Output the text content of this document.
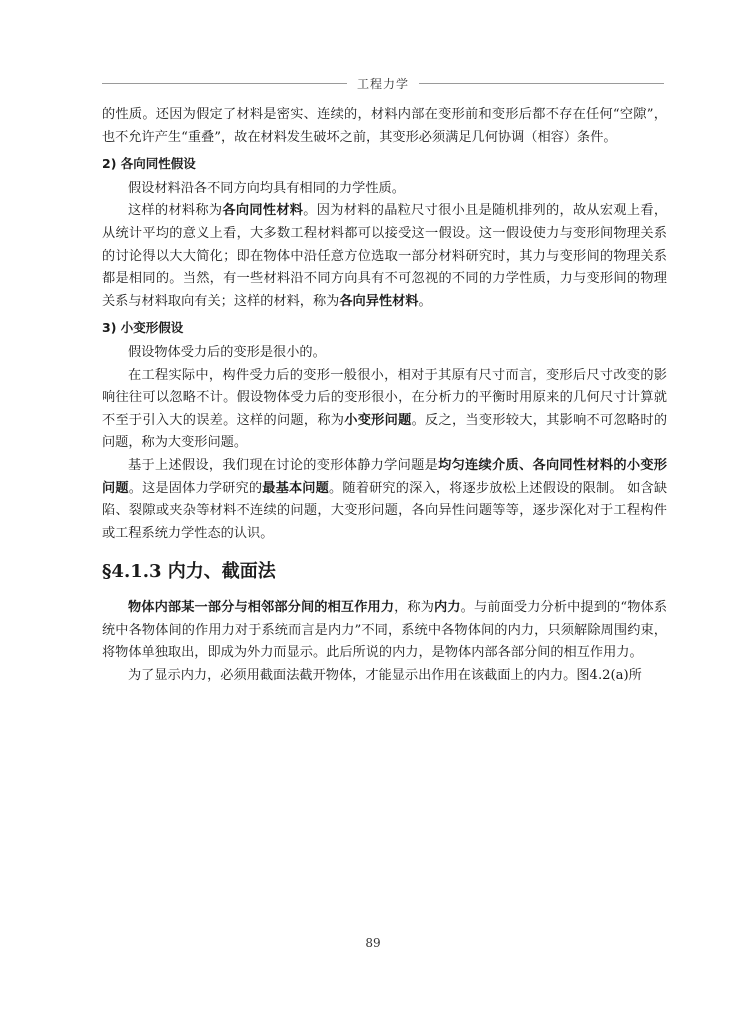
工程力学

的性质。还因为假定了材料是密实、连续的，材料内部在变形前和变形后都不存在任何“空隙”，也不允许产生“重叠”，故在材料发生破坏之前，其变形必须满足几何协调（相容）条件。

2) 各向同性假设

假设材料沿各不同方向均具有相同的力学性质。

这样的材料称为各向同性材料。因为材料的晶粒尺寸很小且是随机排列的，故从宏观上看，从统计平均的意义上看，大多数工程材料都可以接受这一假设。这一假设使力与变形间物理关系的讨论得以大大简化；即在物体中沿任意方位选取一部分材料研究时，其力与变形间的物理关系都是相同的。当然，有一些材料沿不同方向具有不可忽视的不同的力学性质，力与变形间的物理关系与材料取向有关；这样的材料，称为各向异性材料。

3) 小变形假设

假设物体受力后的变形是很小的。

在工程实际中，构件受力后的变形一般很小，相对于其原有尺寸而言，变形后尺寸改变的影响往往可以忽略不计。假设物体受力后的变形很小，在分析力的平衡时用原来的几何尺寸计算就不至于引入大的误差。这样的问题，称为小变形问题。反之，当变形较大，其影响不可忽略时的问题，称为大变形问题。

基于上述假设，我们现在讨论的变形体静力学问题是均匀连续介质、各向同性材料的小变形问题。这是固体力学研究的最基本问题。随着研究的深入，将逐步放松上述假设的限制。 如含缺陷、裂隙或夹杂等材料不连续的问题，大变形问题，各向异性问题等等，逐步深化对于工程构件或工程系统力学性态的认识。

§4.1.3 内力、截面法

物体内部某一部分与相邻部分间的相互作用力，称为内力。与前面受力分析中提到的“物体系统中各物体间的作用力对于系统而言是内力”不同，系统中各物体间的内力，只须解除周围约束，将物体单独取出，即成为外力而显示。此后所说的内力，是物体内部各部分间的相互作用力。

为了显示内力，必须用截面法截开物体，才能显示出作用在该截面上的内力。图4.2(a)所

89
